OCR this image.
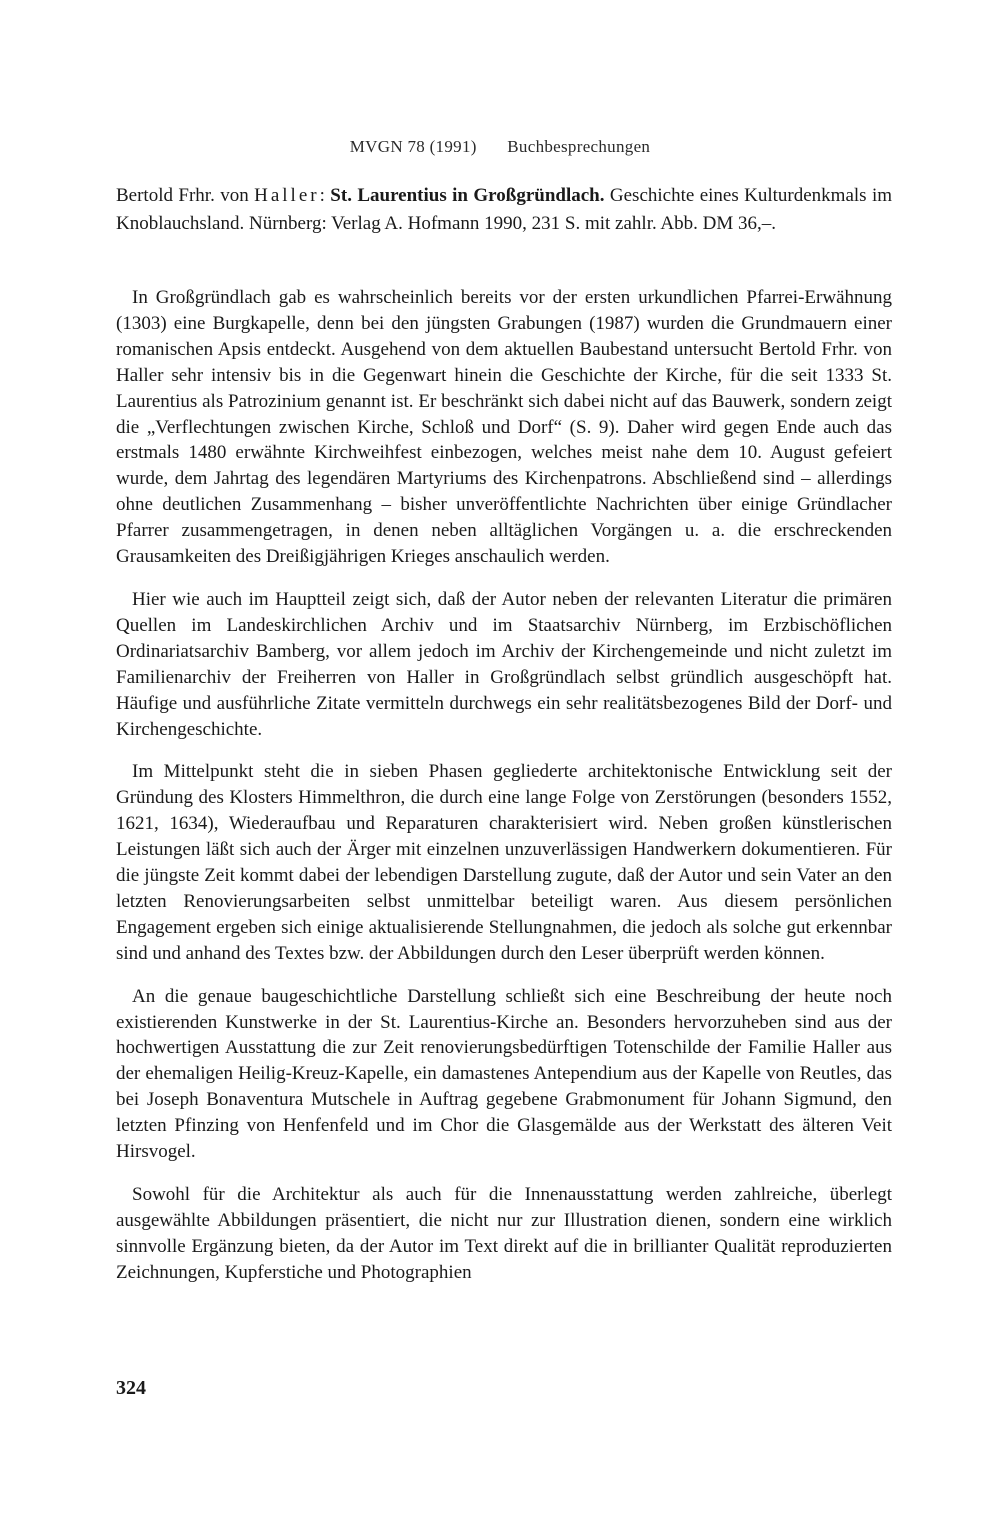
MVGN 78 (1991) Buchbesprechungen
Bertold Frhr. von Haller: St. Laurentius in Großgründlach. Geschichte eines Kulturdenkmals im Knoblauchsland. Nürnberg: Verlag A. Hofmann 1990, 231 S. mit zahlr. Abb. DM 36,–.

In Großgründlach gab es wahrscheinlich bereits vor der ersten urkundlichen Pfarrei-Erwähnung (1303) eine Burgkapelle, denn bei den jüngsten Grabungen (1987) wurden die Grundmauern einer romanischen Apsis entdeckt. Ausgehend von dem aktuellen Baubestand untersucht Bertold Frhr. von Haller sehr intensiv bis in die Gegenwart hinein die Geschichte der Kirche, für die seit 1333 St. Laurentius als Patrozinium genannt ist. Er beschränkt sich dabei nicht auf das Bauwerk, sondern zeigt die „Verflechtungen zwischen Kirche, Schloß und Dorf“ (S. 9). Daher wird gegen Ende auch das erstmals 1480 erwähnte Kirchweihfest einbezogen, welches meist nahe dem 10. August gefeiert wurde, dem Jahrtag des legendären Martyriums des Kirchenpatrons. Abschließend sind – allerdings ohne deutlichen Zusammenhang – bisher unveröffentlichte Nachrichten über einige Gründlacher Pfarrer zusammengetragen, in denen neben alltäglichen Vorgängen u. a. die erschreckenden Grausamkeiten des Dreißigjährigen Krieges anschaulich werden.

Hier wie auch im Hauptteil zeigt sich, daß der Autor neben der relevanten Literatur die primären Quellen im Landeskirchlichen Archiv und im Staatsarchiv Nürnberg, im Erzbischöflichen Ordinariatsarchiv Bamberg, vor allem jedoch im Archiv der Kirchengemeinde und nicht zuletzt im Familienarchiv der Freiherren von Haller in Großgründlach selbst gründlich ausgeschöpft hat. Häufige und ausführliche Zitate vermitteln durchwegs ein sehr realitätsbezogenes Bild der Dorf- und Kirchengeschichte.

Im Mittelpunkt steht die in sieben Phasen gegliederte architektonische Entwicklung seit der Gründung des Klosters Himmelthron, die durch eine lange Folge von Zerstörungen (besonders 1552, 1621, 1634), Wiederaufbau und Reparaturen charakterisiert wird. Neben großen künstlerischen Leistungen läßt sich auch der Ärger mit einzelnen unzuverlässigen Handwerkern dokumentieren. Für die jüngste Zeit kommt dabei der lebendigen Darstellung zugute, daß der Autor und sein Vater an den letzten Renovierungsarbeiten selbst unmittelbar beteiligt waren. Aus diesem persönlichen Engagement ergeben sich einige aktualisierende Stellungnahmen, die jedoch als solche gut erkennbar sind und anhand des Textes bzw. der Abbildungen durch den Leser überprüft werden können.

An die genaue baugeschichtliche Darstellung schließt sich eine Beschreibung der heute noch existierenden Kunstwerke in der St. Laurentius-Kirche an. Besonders hervorzuheben sind aus der hochwertigen Ausstattung die zur Zeit renovierungsbedürftigen Totenschilde der Familie Haller aus der ehemaligen Heilig-Kreuz-Kapelle, ein damastenes Antependium aus der Kapelle von Reutles, das bei Joseph Bonaventura Mutschele in Auftrag gegebene Grabmonument für Johann Sigmund, den letzten Pfinzing von Henfenfeld und im Chor die Glasgemälde aus der Werkstatt des älteren Veit Hirsvogel.

Sowohl für die Architektur als auch für die Innenausstattung werden zahlreiche, überlegt ausgewählte Abbildungen präsentiert, die nicht nur zur Illustration dienen, sondern eine wirklich sinnvolle Ergänzung bieten, da der Autor im Text direkt auf die in brillianter Qualität reproduzierten Zeichnungen, Kupferstiche und Photographien

324
